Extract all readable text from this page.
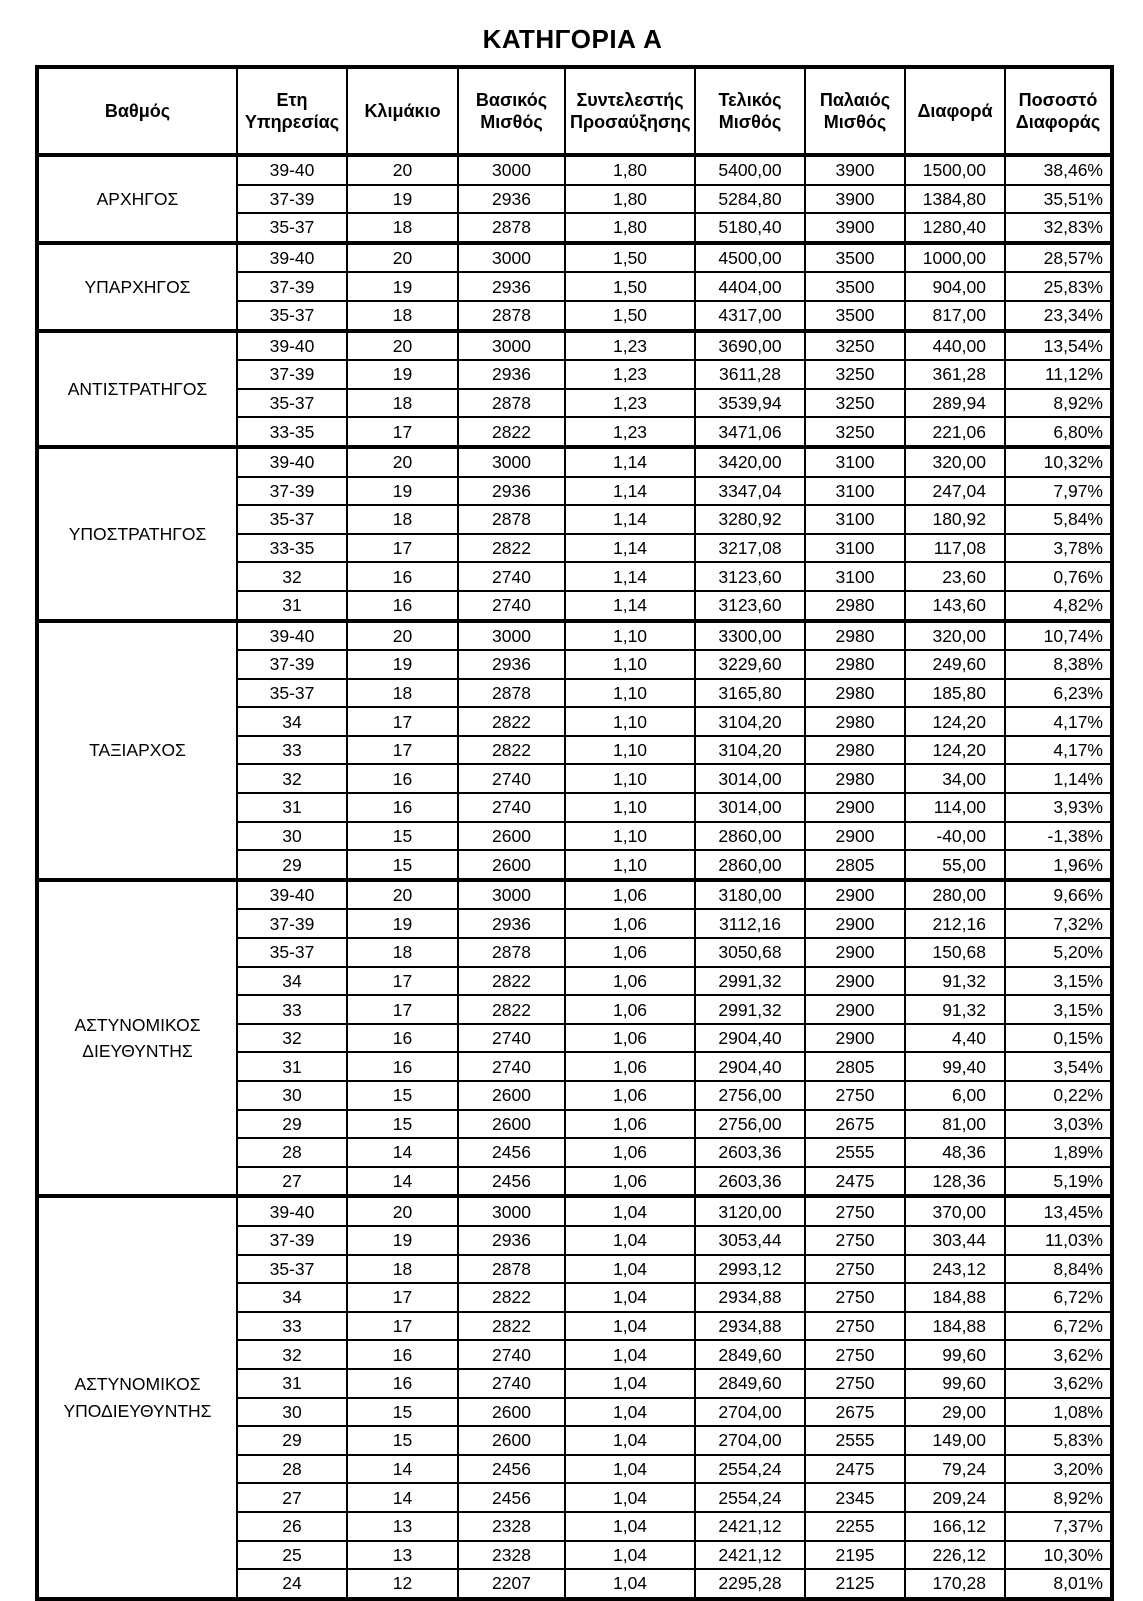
ΚΑΤΗΓΟΡΙΑ Α
Βαθμός	Ετη Υπηρεσίας	Κλιμάκιο	Βασικός Μισθός	Συντελεστής Προσαύξησης	Τελικός Μισθός	Παλαιός Μισθός	Διαφορά	Ποσοστό Διαφοράς
ΑΡΧΗΓΟΣ	39-40	20	3000	1,80	5400,00	3900	1500,00	38,46%
	37-39	19	2936	1,80	5284,80	3900	1384,80	35,51%
	35-37	18	2878	1,80	5180,40	3900	1280,40	32,83%
ΥΠΑΡΧΗΓΟΣ	39-40	20	3000	1,50	4500,00	3500	1000,00	28,57%
	37-39	19	2936	1,50	4404,00	3500	904,00	25,83%
	35-37	18	2878	1,50	4317,00	3500	817,00	23,34%
ΑΝΤΙΣΤΡΑΤΗΓΟΣ	39-40	20	3000	1,23	3690,00	3250	440,00	13,54%
	37-39	19	2936	1,23	3611,28	3250	361,28	11,12%
	35-37	18	2878	1,23	3539,94	3250	289,94	8,92%
	33-35	17	2822	1,23	3471,06	3250	221,06	6,80%
ΥΠΟΣΤΡΑΤΗΓΟΣ	39-40	20	3000	1,14	3420,00	3100	320,00	10,32%
	37-39	19	2936	1,14	3347,04	3100	247,04	7,97%
	35-37	18	2878	1,14	3280,92	3100	180,92	5,84%
	33-35	17	2822	1,14	3217,08	3100	117,08	3,78%
	32	16	2740	1,14	3123,60	3100	23,60	0,76%
	31	16	2740	1,14	3123,60	2980	143,60	4,82%
ΤΑΞΙΑΡΧΟΣ	39-40	20	3000	1,10	3300,00	2980	320,00	10,74%
	37-39	19	2936	1,10	3229,60	2980	249,60	8,38%
	35-37	18	2878	1,10	3165,80	2980	185,80	6,23%
	34	17	2822	1,10	3104,20	2980	124,20	4,17%
	33	17	2822	1,10	3104,20	2980	124,20	4,17%
	32	16	2740	1,10	3014,00	2980	34,00	1,14%
	31	16	2740	1,10	3014,00	2900	114,00	3,93%
	30	15	2600	1,10	2860,00	2900	-40,00	-1,38%
	29	15	2600	1,10	2860,00	2805	55,00	1,96%
ΑΣΤΥΝΟΜΙΚΟΣ ΔΙΕΥΘΥΝΤΗΣ	39-40	20	3000	1,06	3180,00	2900	280,00	9,66%
	37-39	19	2936	1,06	3112,16	2900	212,16	7,32%
	35-37	18	2878	1,06	3050,68	2900	150,68	5,20%
	34	17	2822	1,06	2991,32	2900	91,32	3,15%
	33	17	2822	1,06	2991,32	2900	91,32	3,15%
	32	16	2740	1,06	2904,40	2900	4,40	0,15%
	31	16	2740	1,06	2904,40	2805	99,40	3,54%
	30	15	2600	1,06	2756,00	2750	6,00	0,22%
	29	15	2600	1,06	2756,00	2675	81,00	3,03%
	28	14	2456	1,06	2603,36	2555	48,36	1,89%
	27	14	2456	1,06	2603,36	2475	128,36	5,19%
ΑΣΤΥΝΟΜΙΚΟΣ ΥΠΟΔΙΕΥΘΥΝΤΗΣ	39-40	20	3000	1,04	3120,00	2750	370,00	13,45%
	37-39	19	2936	1,04	3053,44	2750	303,44	11,03%
	35-37	18	2878	1,04	2993,12	2750	243,12	8,84%
	34	17	2822	1,04	2934,88	2750	184,88	6,72%
	33	17	2822	1,04	2934,88	2750	184,88	6,72%
	32	16	2740	1,04	2849,60	2750	99,60	3,62%
	31	16	2740	1,04	2849,60	2750	99,60	3,62%
	30	15	2600	1,04	2704,00	2675	29,00	1,08%
	29	15	2600	1,04	2704,00	2555	149,00	5,83%
	28	14	2456	1,04	2554,24	2475	79,24	3,20%
	27	14	2456	1,04	2554,24	2345	209,24	8,92%
	26	13	2328	1,04	2421,12	2255	166,12	7,37%
	25	13	2328	1,04	2421,12	2195	226,12	10,30%
	24	12	2207	1,04	2295,28	2125	170,28	8,01%
